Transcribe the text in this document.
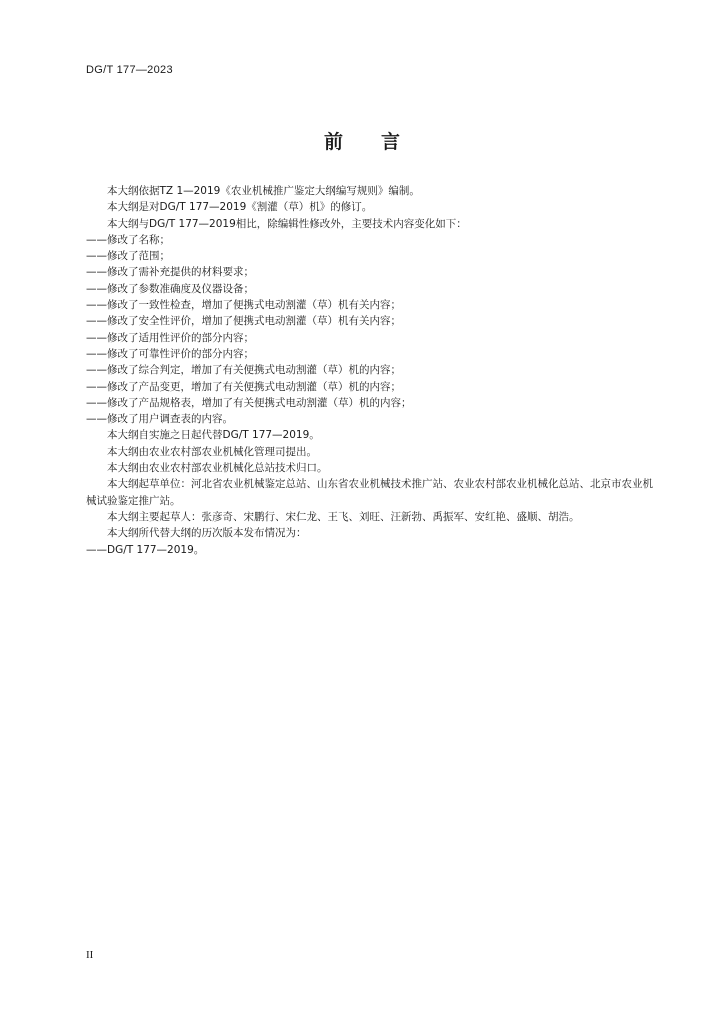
DG/T 177—2023
前言

本大纲依据TZ 1—2019《农业机械推广鉴定大纲编写规则》编制。

本大纲是对DG/T 177—2019《割灌（草）机》的修订。

本大纲与DG/T 177—2019相比，除编辑性修改外，主要技术内容变化如下：

——修改了名称；

——修改了范围；

——修改了需补充提供的材料要求；

——修改了参数准确度及仪器设备；

——修改了一致性检查，增加了便携式电动割灌（草）机有关内容；

——修改了安全性评价，增加了便携式电动割灌（草）机有关内容；

——修改了适用性评价的部分内容；

——修改了可靠性评价的部分内容；

——修改了综合判定，增加了有关便携式电动割灌（草）机的内容；

——修改了产品变更，增加了有关便携式电动割灌（草）机的内容；

——修改了产品规格表，增加了有关便携式电动割灌（草）机的内容；

——修改了用户调查表的内容。

本大纲自实施之日起代替DG/T 177—2019。

本大纲由农业农村部农业机械化管理司提出。

本大纲由农业农村部农业机械化总站技术归口。

本大纲起草单位：河北省农业机械鉴定总站、山东省农业机械技术推广站、农业农村部农业机械化总站、北京市农业机械试验鉴定推广站。

本大纲主要起草人：张彦奇、宋鹏行、宋仁龙、王飞、刘旺、汪新勃、禹振军、安红艳、盛顺、胡浩。

本大纲所代替大纲的历次版本发布情况为：

——DG/T 177—2019。

II
